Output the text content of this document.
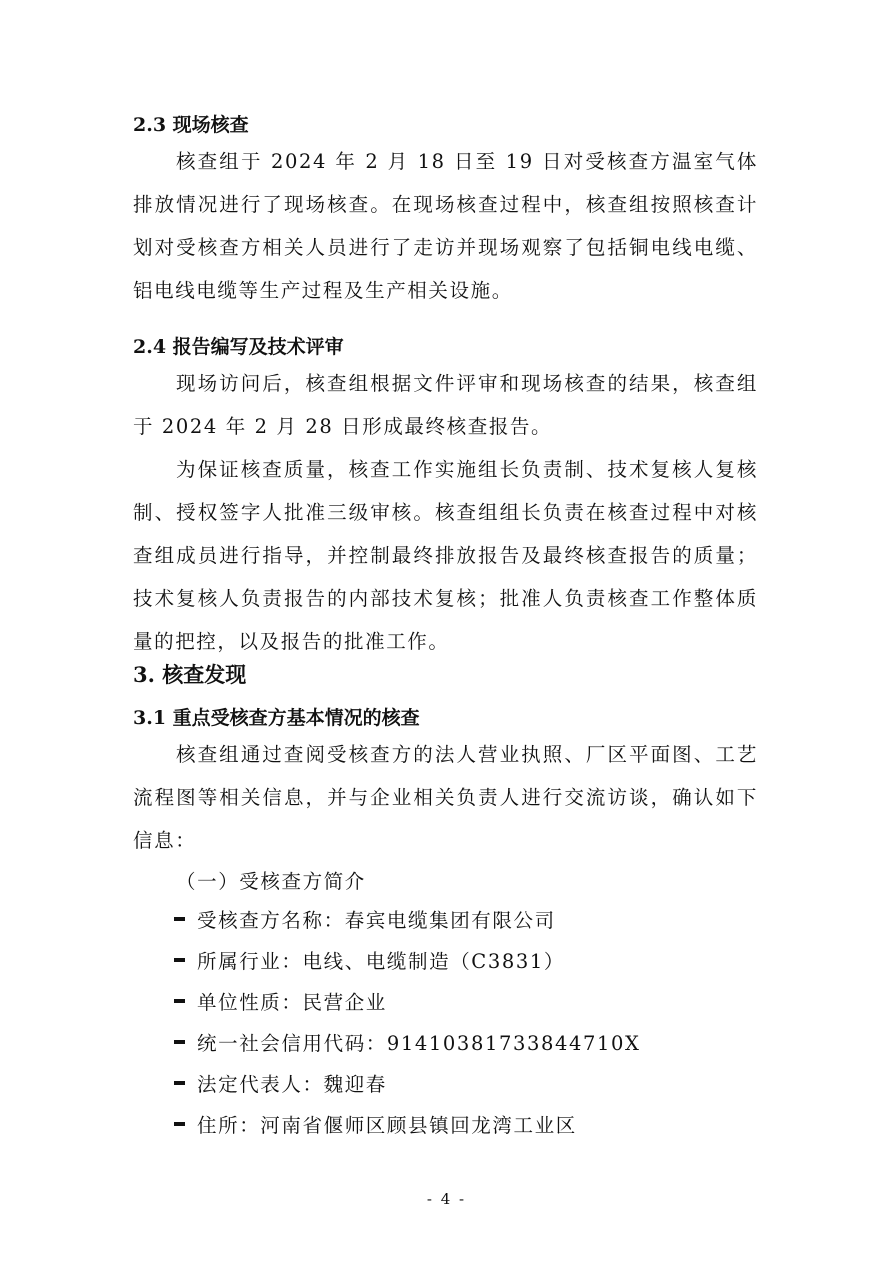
2.3 现场核查
核查组于 2024 年 2 月 18 日至 19 日对受核查方温室气体排放情况进行了现场核查。在现场核查过程中，核查组按照核查计划对受核查方相关人员进行了走访并现场观察了包括铜电线电缆、铝电线电缆等生产过程及生产相关设施。
2.4 报告编写及技术评审
现场访问后，核查组根据文件评审和现场核查的结果，核查组于 2024 年 2 月 28 日形成最终核查报告。
为保证核查质量，核查工作实施组长负责制、技术复核人复核制、授权签字人批准三级审核。核查组组长负责在核查过程中对核查组成员进行指导，并控制最终排放报告及最终核查报告的质量；技术复核人负责报告的内部技术复核；批准人负责核查工作整体质量的把控，以及报告的批准工作。
3. 核查发现
3.1 重点受核查方基本情况的核查
核查组通过查阅受核查方的法人营业执照、厂区平面图、工艺流程图等相关信息，并与企业相关负责人进行交流访谈，确认如下信息：
（一）受核查方简介
受核查方名称：春宾电缆集团有限公司
所属行业：电线、电缆制造（C3831）
单位性质：民营企业
统一社会信用代码：91410381733844710X
法定代表人：魏迎春
住所：河南省偃师区顾县镇回龙湾工业区
- 4 -
